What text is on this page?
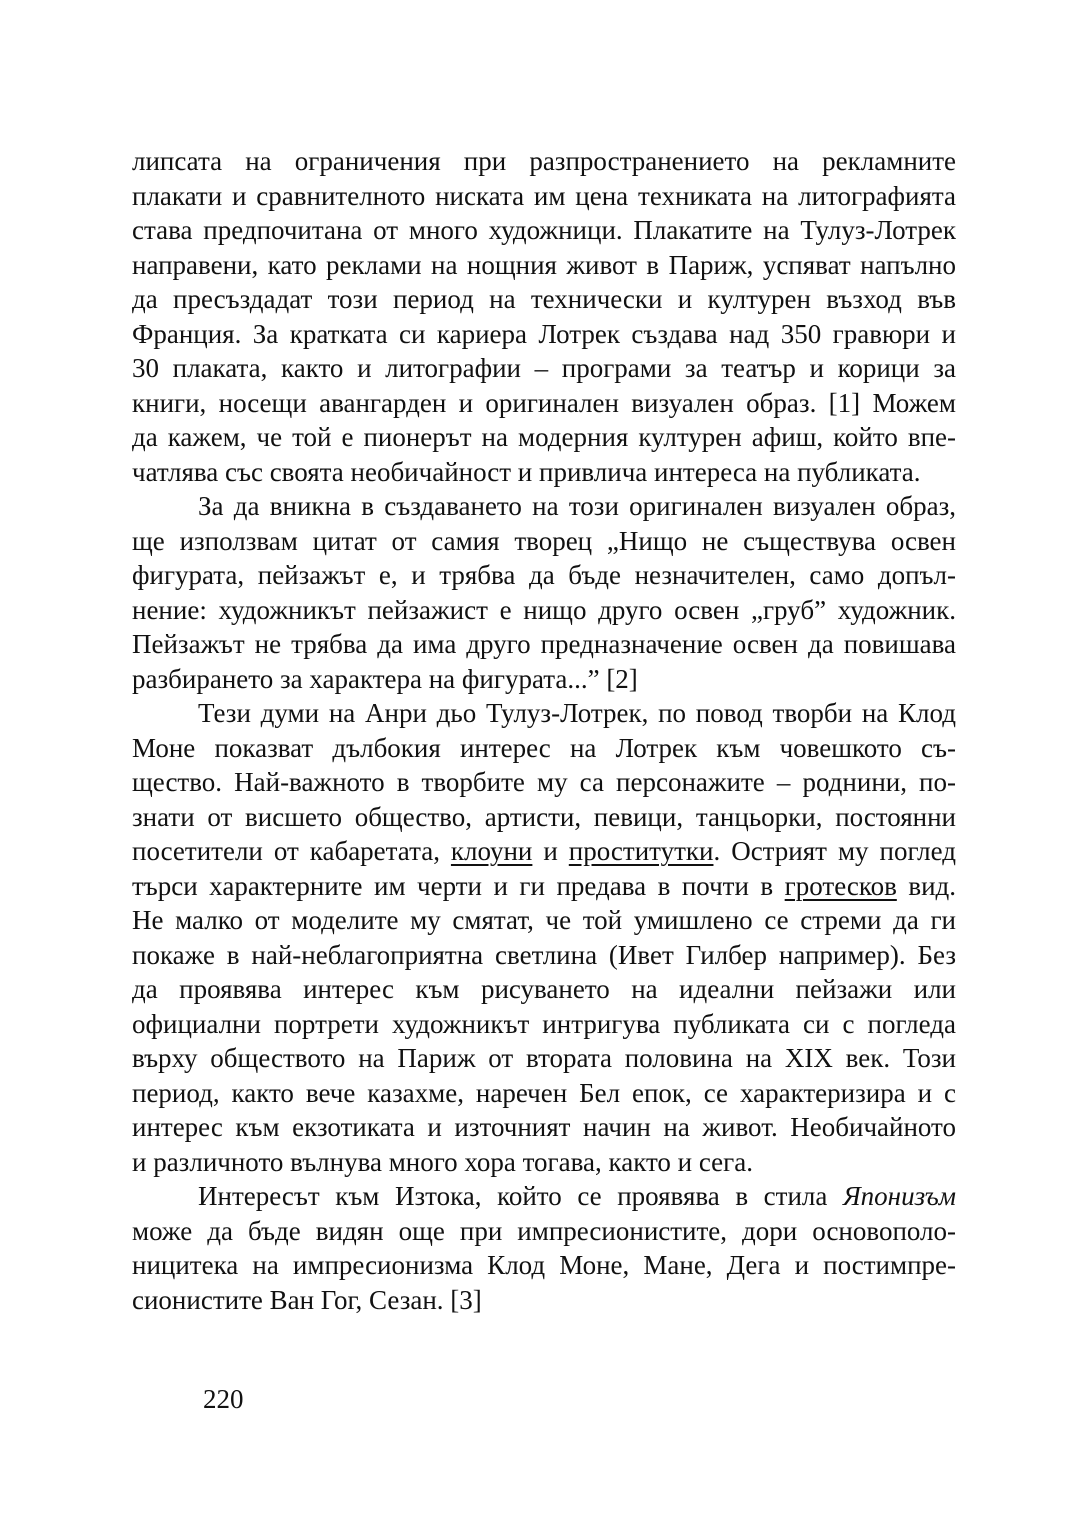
липсата на ограничения при разпространението на рекламните
плакати и сравнителното ниската им цена техниката на литографията
става предпочитана от много художници. Плакатите на Тулуз-Лотрек
направени, като реклами на нощния живот в Париж, успяват напълно
да пресъздадат този период на технически и културен възход във
Франция. За кратката си кариера Лотрек създава над 350 гравюри и
30 плаката, както и литографии – програми за театър и корици за
книги, носещи авангарден и оригинален визуален образ. [1] Можем
да кажем, че той е пионерът на модерния културен афиш, който впе-
чатлява със своята необичайност и привлича интереса на публиката.
За да вникна в създаването на този оригинален визуален образ,
ще използвам цитат от самия творец „Нищо не съществува освен
фигурата, пейзажът е, и трябва да бъде незначителен, само допъл-
нение: художникът пейзажист е нищо друго освен „груб” художник.
Пейзажът не трябва да има друго предназначение освен да повишава
разбирането за характера на фигурата...” [2]
Тези думи на Анри дьо Тулуз-Лотрек, по повод творби на Клод
Моне показват дълбокия интерес на Лотрек към човешкото съ-
щество. Най-важното в творбите му са персонажите – роднини, по-
знати от висшето общество, артисти, певици, танцьорки, постоянни
посетители от кабаретата, клоуни и проститутки. Острият му поглед
търси характерните им черти и ги предава в почти в гротесков вид.
Не малко от моделите му смятат, че той умишлено се стреми да ги
покаже в най-неблагоприятна светлина (Ивет Гилбер например). Без
да проявява интерес към рисуването на идеални пейзажи или
официални портрети художникът интригува публиката си с погледа
върху обществото на Париж от втората половина на XIX век. Този
период, както вече казахме, наречен Бел епок, се характеризира и с
интерес към екзотиката и източният начин на живот. Необичайното
и различното вълнува много хора тогава, както и сега.
Интересът към Изтока, който се проявява в стила Японизъм
може да бъде видян още при импресионистите, дори основополо-
ницитека на импресионизма Клод Моне, Мане, Дега и постимпре-
сионистите Ван Гог, Сезан. [3]
220
